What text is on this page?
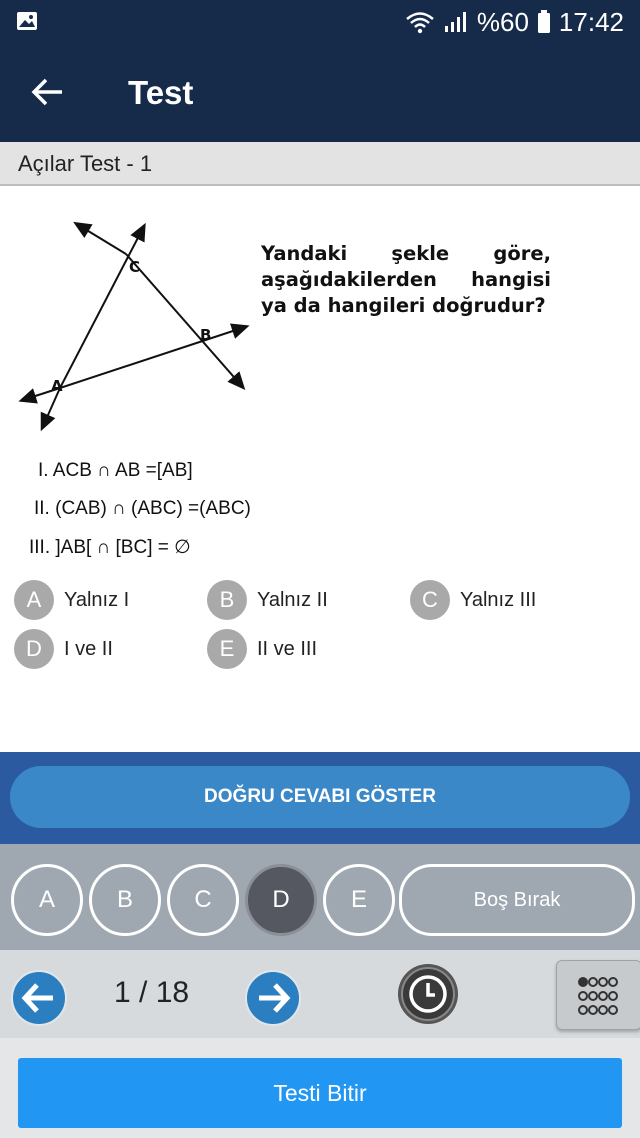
%60 17:42
Test
Açılar Test - 1
C
B
A
Yandaki şekle göre, aşağıdakilerden hangisi ya da hangileri doğrudur?
I. ACB ∩ AB =[AB]
II. (CAB) ∩ (ABC) =(ABC)
III. ]AB[ ∩ [BC] = ∅
A	Yalnız I	B	Yalnız II	C	Yalnız III
D	I ve II	E	II ve III
DOĞRU CEVABI GÖSTER
A	B	C	D	E	Boş Bırak
1 / 18
Testi Bitir
